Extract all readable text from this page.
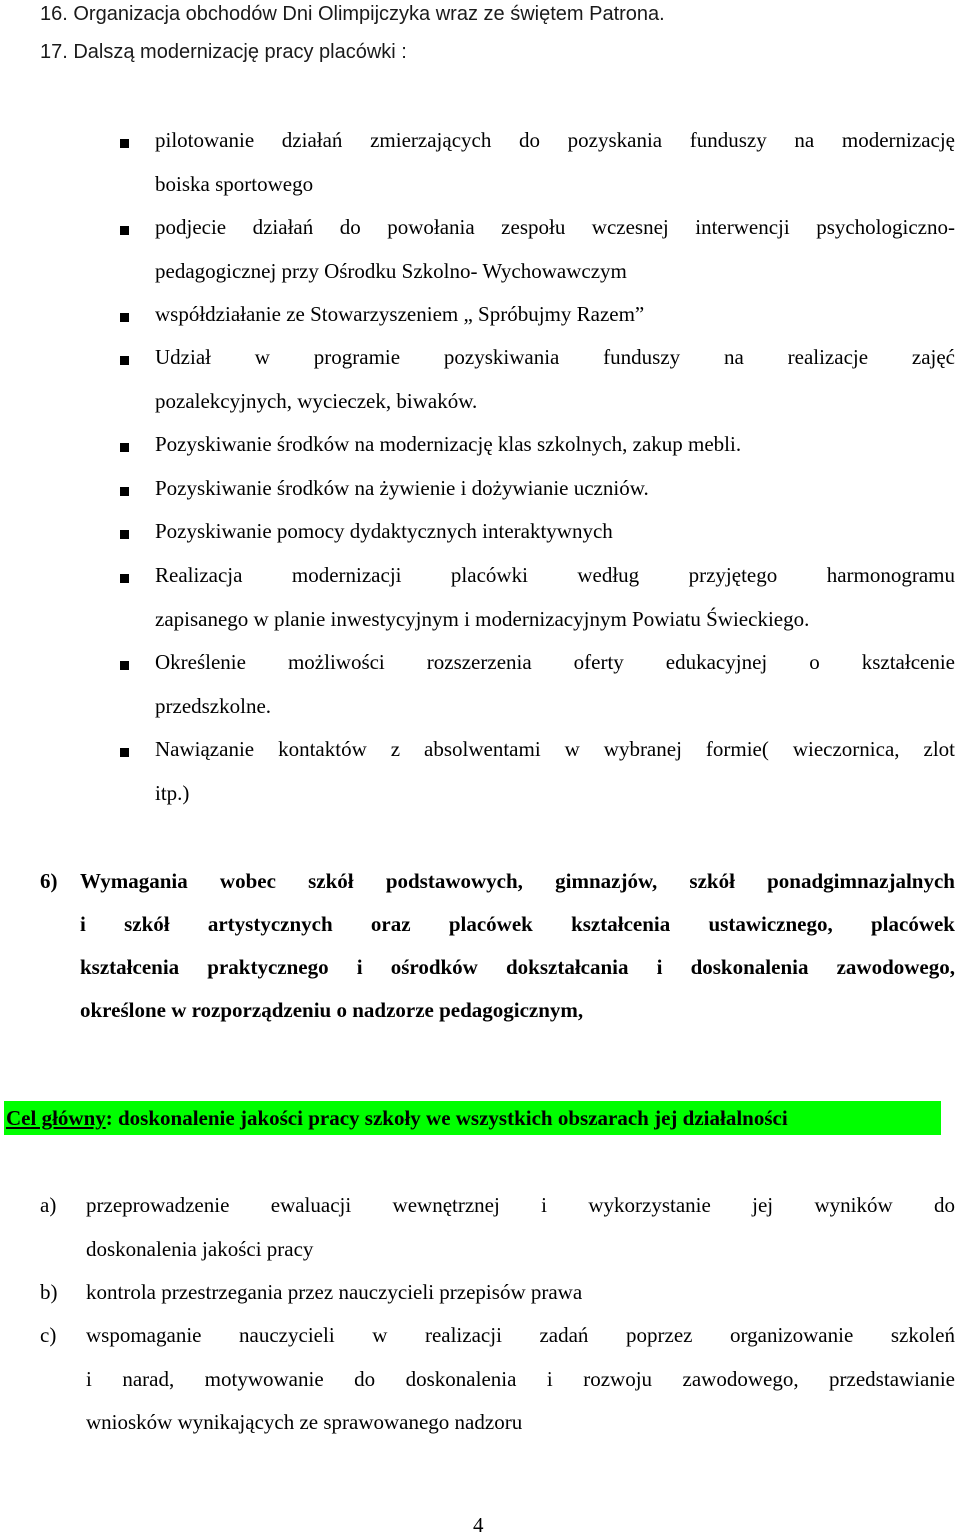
16. Organizacja obchodów Dni Olimpijczyka wraz ze świętem Patrona.
17. Dalszą modernizację pracy placówki :
pilotowanie działań zmierzających do pozyskania funduszy na modernizację
boiska sportowego
podjecie działań do powołania zespołu wczesnej interwencji psychologiczno-
pedagogicznej przy Ośrodku Szkolno- Wychowawczym
współdziałanie ze Stowarzyszeniem „ Spróbujmy Razem”
Udział w programie pozyskiwania funduszy na realizacje zajęć
pozalekcyjnych, wycieczek, biwaków.
Pozyskiwanie środków na modernizację klas szkolnych, zakup mebli.
Pozyskiwanie środków na żywienie i dożywianie uczniów.
Pozyskiwanie pomocy dydaktycznych interaktywnych
Realizacja modernizacji placówki według przyjętego harmonogramu
zapisanego w planie inwestycyjnym i modernizacyjnym Powiatu Świeckiego.
Określenie możliwości rozszerzenia oferty edukacyjnej o kształcenie
przedszkolne.
Nawiązanie kontaktów z absolwentami w wybranej formie( wieczornica, zlot
itp.)
6) Wymagania wobec szkół podstawowych, gimnazjów, szkół ponadgimnazjalnych
i szkół artystycznych oraz placówek kształcenia ustawicznego, placówek
kształcenia praktycznego i ośrodków dokształcania i doskonalenia zawodowego,
określone w rozporządzeniu o nadzorze pedagogicznym,
Cel główny: doskonalenie jakości pracy szkoły we wszystkich obszarach jej działalności
a) przeprowadzenie ewaluacji wewnętrznej i wykorzystanie jej wyników do
doskonalenia jakości pracy
b) kontrola przestrzegania przez nauczycieli przepisów prawa
c) wspomaganie nauczycieli w realizacji zadań poprzez organizowanie szkoleń
i narad, motywowanie do doskonalenia i rozwoju zawodowego, przedstawianie
wniosków wynikających ze sprawowanego nadzoru
4
